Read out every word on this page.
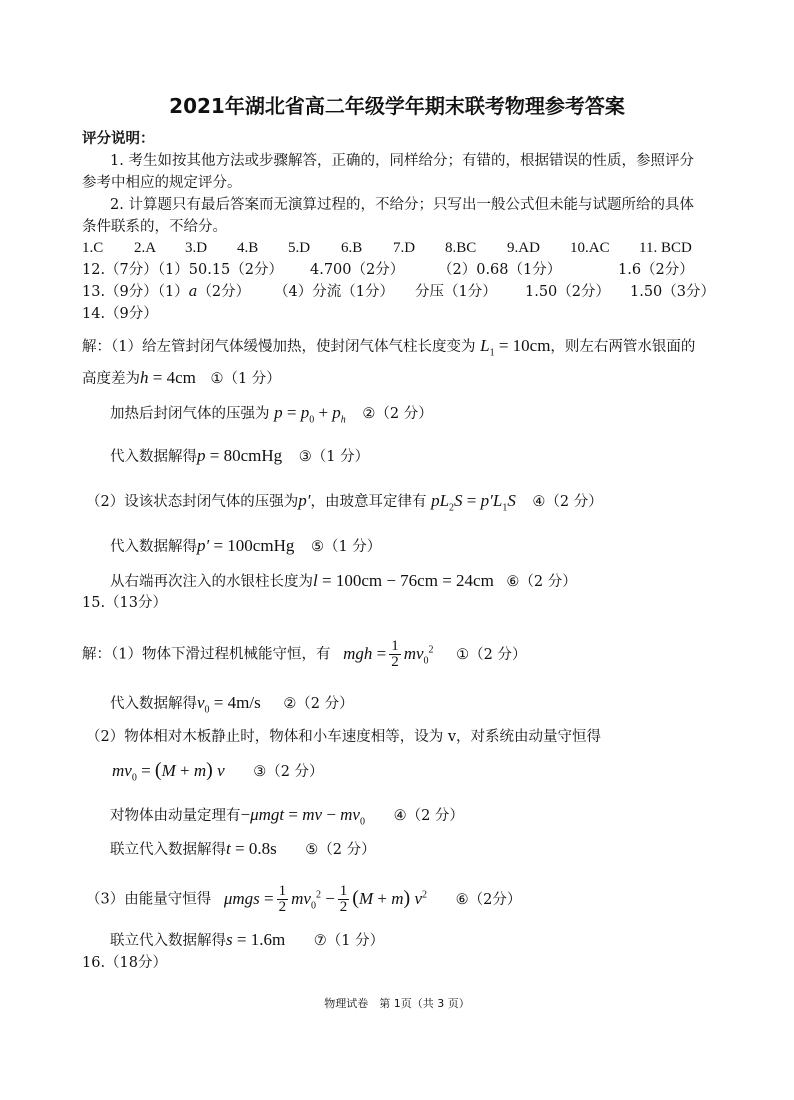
2021年湖北省高二年级学年期末联考物理参考答案
评分说明：
1. 考生如按其他方法或步骤解答，正确的，同样给分；有错的，根据错误的性质，参照评分
参考中相应的规定评分。
2. 计算题只有最后答案而无演算过程的，不给分；只写出一般公式但未能与试题所给的具体
条件联系的，不给分。
1.C 2.A 3.D 4.B 5.D 6.B 7.D 8.BC 9.AD 10.AC 11. BCD
12.（7分）（1）50.15（2分） 4.700（2分） （2）0.68（1分）	1.6（2分）
13.（9分）（1）a（2分） （4）分流（1分） 分压（1分） 1.50（2分） 1.50（3分）
14.（9分）
解：（1）给左管封闭气体缓慢加热，使封闭气体气柱长度变为 $L_1 = 10cm$，则左右两管水银面的
高度差为h = 4cm ①（1 分）
加热后封闭气体的压强为 $p = p_0 + p_h$ ②（2 分）
代入数据解得p = 80cmHg ③（1 分）
（2）设该状态封闭气体的压强为p′，由玻意耳定律有 $pL_2S = p'L_1S$ ④（2 分）
代入数据解得p′ = 100cmHg ⑤（1 分）
从右端再次注入的水银柱长度为l = 100cm − 76cm = 24cm ⑥（2 分）
15.（13分）
解：（1）物体下滑过程机械能守恒，有 mgh = $\frac{1}{2} mv_0^2$ ①（2 分）
代入数据解得$v_0 = 4m/s$ ②（2 分）
（2）物体相对木板静止时，物体和小车速度相等，设为 v，对系统由动量守恒得
$mv_0 = (M + m)$ v ③（2 分）
对物体由动量定理有−μmgt = mv − $mv_0$ ④（2 分）
联立代入数据解得t = 0.8s ⑤（2 分）
（3）由能量守恒得 $\mu mgs = \frac{1}{2} mv_0^2 - \frac{1}{2} (M + m)$ $v^2$ ⑥（2分）
联立代入数据解得s = 1.6m ⑦（1 分）
16.（18分）
物理试卷　第 1页（共 3 页）
